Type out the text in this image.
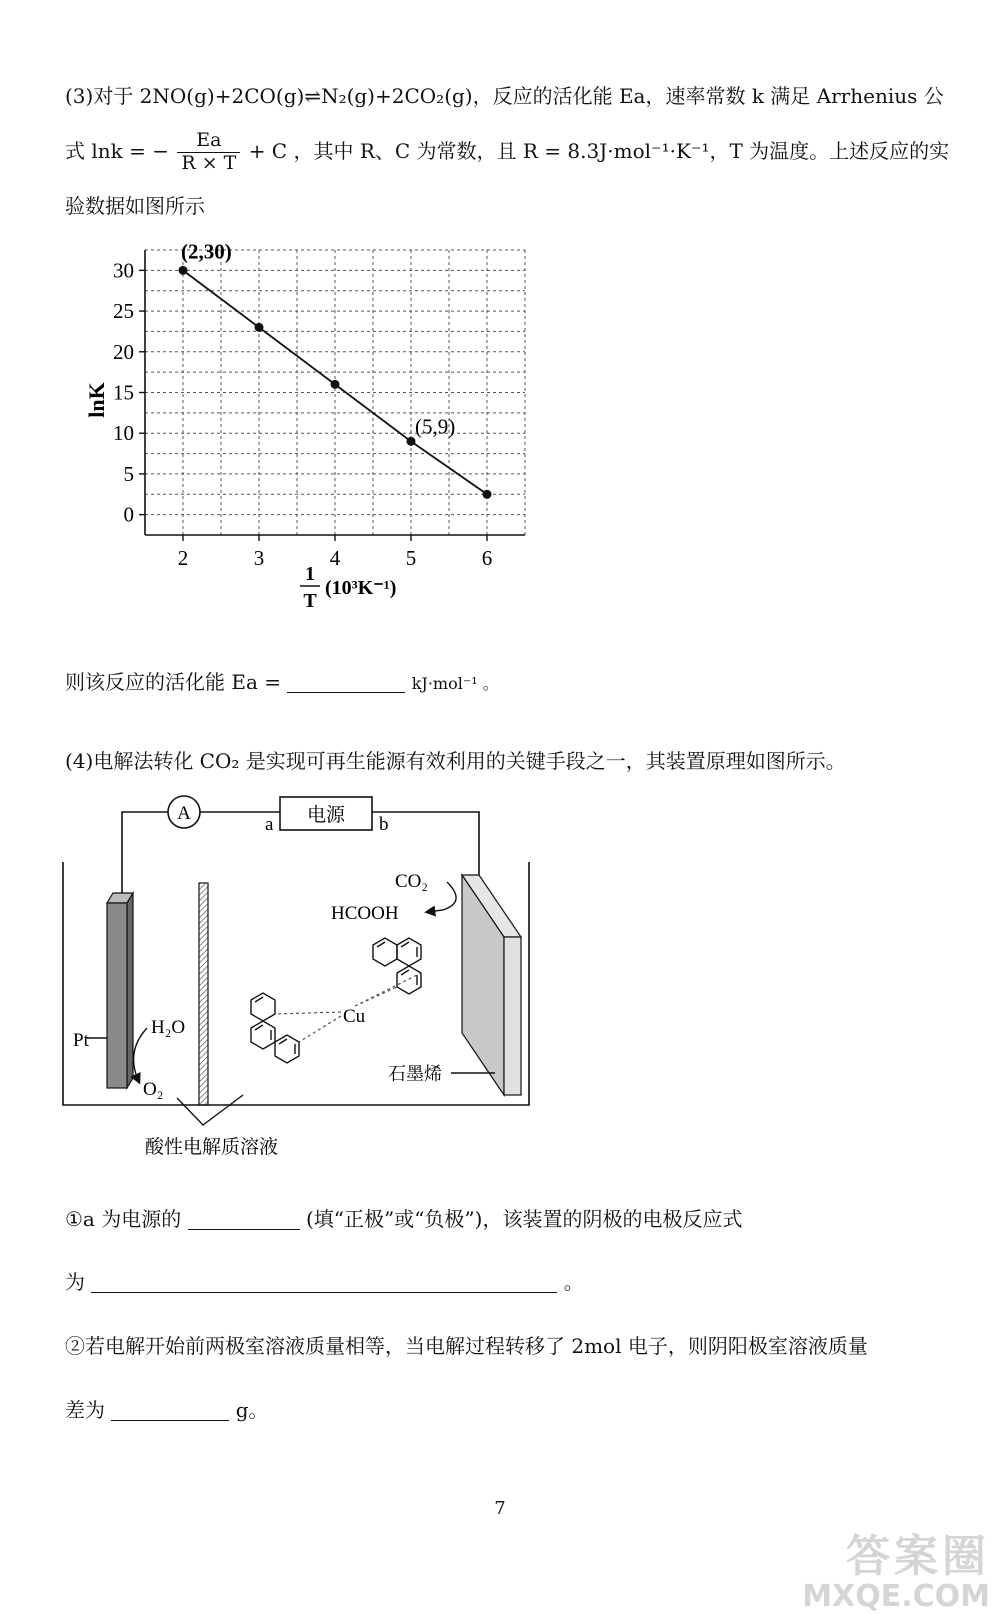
(3)对于 2NO(g)+2CO(g)⇌N₂(g)+2CO₂(g)，反应的活化能 Ea，速率常数 k 满足 Arrhenius 公
式 lnk = − $\frac{Ea}{R \times T} + C$ ，其中 R、C 为常数，且 R = 8.3J·mol⁻¹·K⁻¹，T 为温度。上述反应的实
验数据如图所示
30
25
20
15
10
5
0
2	3	4	5	6
(2,30)
(5,9)
lnK
1
T
(10³K⁻¹)
则该反应的活化能 Ea =	kJ·mol⁻¹ 。
(4)电解法转化 CO₂ 是实现可再生能源有效利用的关键手段之一，其装置原理如图所示。
A	电源
a	b
Pt
H₂O
O₂
石墨烯
CO₂
HCOOH
Cu
酸性电解质溶液
①a 为电源的	(填“正极”或“负极”)，该装置的阴极的电极反应式
为	。
②若电解开始前两极室溶液质量相等，当电解过程转移了 2mol 电子，则阴阳极室溶液质量
差为	g。
7
答案圈
MXQE.COM
